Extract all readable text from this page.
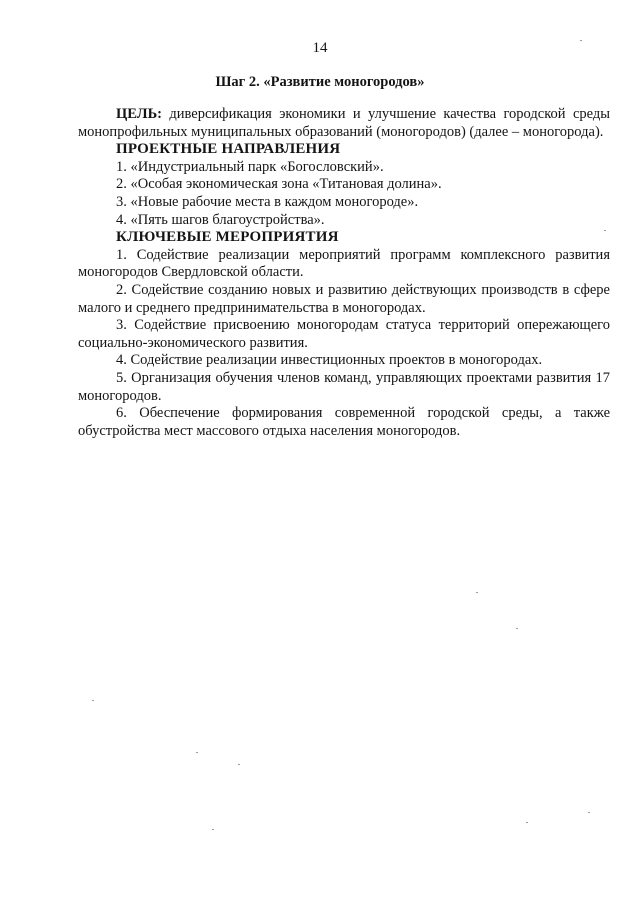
14
Шаг 2. «Развитие моногородов»

ЦЕЛЬ: диверсификация экономики и улучшение качества городской среды монопрофильных муниципальных образований (моногородов) (далее – моногорода).

ПРОЕКТНЫЕ НАПРАВЛЕНИЯ

1. «Индустриальный парк «Богословский».

2. «Особая экономическая зона «Титановая долина».

3. «Новые рабочие места в каждом моногороде».

4. «Пять шагов благоустройства».

КЛЮЧЕВЫЕ МЕРОПРИЯТИЯ

1. Содействие реализации мероприятий программ комплексного развития моногородов Свердловской области.

2. Содействие созданию новых и развитию действующих производств в сфере малого и среднего предпринимательства в моногородах.

3. Содействие присвоению моногородам статуса территорий опережающего социально-экономического развития.

4. Содействие реализации инвестиционных проектов в моногородах.

5. Организация обучения членов команд, управляющих проектами развития 17 моногородов.

6. Обеспечение формирования современной городской среды, а также обустройства мест массового отдыха населения моногородов.
